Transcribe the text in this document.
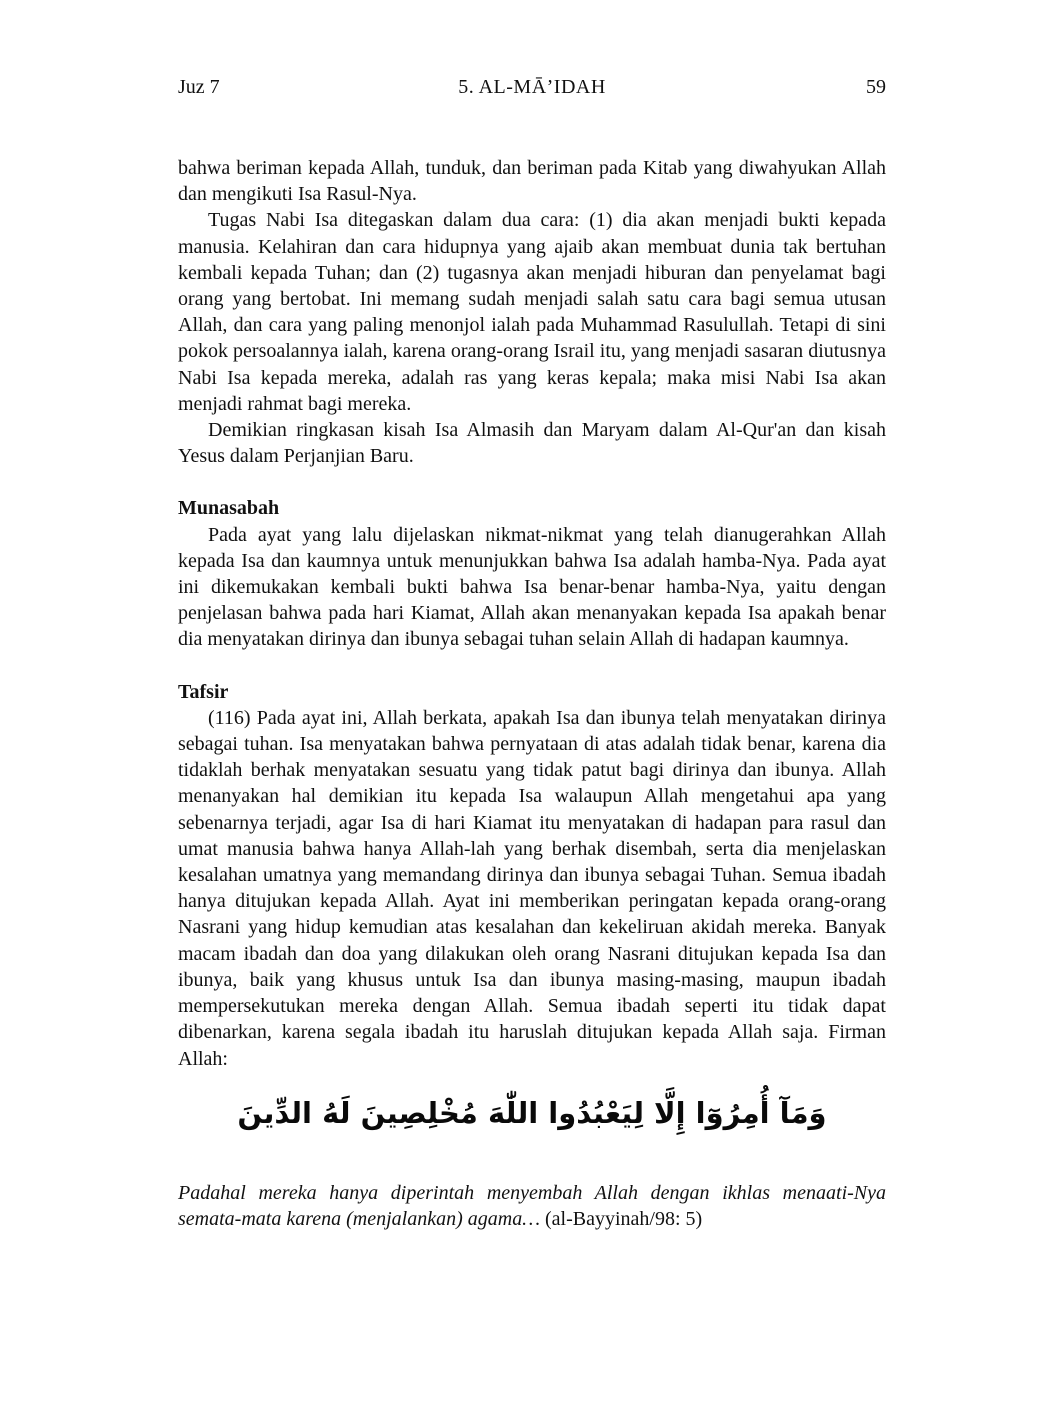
Juz 7	5. AL-MĀ’IDAH	59

bahwa beriman kepada Allah, tunduk, dan beriman pada Kitab yang diwahyukan Allah dan mengikuti Isa Rasul-Nya.

Tugas Nabi Isa ditegaskan dalam dua cara: (1) dia akan menjadi bukti kepada manusia. Kelahiran dan cara hidupnya yang ajaib akan membuat dunia tak bertuhan kembali kepada Tuhan; dan (2) tugasnya akan menjadi hiburan dan penyelamat bagi orang yang bertobat. Ini memang sudah menjadi salah satu cara bagi semua utusan Allah, dan cara yang paling menonjol ialah pada Muhammad Rasulullah. Tetapi di sini pokok persoalannya ialah, karena orang-orang Israil itu, yang menjadi sasaran diutusnya Nabi Isa kepada mereka, adalah ras yang keras kepala; maka misi Nabi Isa akan menjadi rahmat bagi mereka.

Demikian ringkasan kisah Isa Almasih dan Maryam dalam Al-Qur'an dan kisah Yesus dalam Perjanjian Baru.

Munasabah

Pada ayat yang lalu dijelaskan nikmat-nikmat yang telah dianugerahkan Allah kepada Isa dan kaumnya untuk menunjukkan bahwa Isa adalah hamba-Nya. Pada ayat ini dikemukakan kembali bukti bahwa Isa benar-benar hamba-Nya, yaitu dengan penjelasan bahwa pada hari Kiamat, Allah akan menanyakan kepada Isa apakah benar dia menyatakan dirinya dan ibunya sebagai tuhan selain Allah di hadapan kaumnya.

Tafsir

(116) Pada ayat ini, Allah berkata, apakah Isa dan ibunya telah menyatakan dirinya sebagai tuhan. Isa menyatakan bahwa pernyataan di atas adalah tidak benar, karena dia tidaklah berhak menyatakan sesuatu yang tidak patut bagi dirinya dan ibunya. Allah menanyakan hal demikian itu kepada Isa walaupun Allah mengetahui apa yang sebenarnya terjadi, agar Isa di hari Kiamat itu menyatakan di hadapan para rasul dan umat manusia bahwa hanya Allah-lah yang berhak disembah, serta dia menjelaskan kesalahan umatnya yang memandang dirinya dan ibunya sebagai Tuhan. Semua ibadah hanya ditujukan kepada Allah. Ayat ini memberikan peringatan kepada orang-orang Nasrani yang hidup kemudian atas kesalahan dan kekeliruan akidah mereka. Banyak macam ibadah dan doa yang dilakukan oleh orang Nasrani ditujukan kepada Isa dan ibunya, baik yang khusus untuk Isa dan ibunya masing-masing, maupun ibadah mempersekutukan mereka dengan Allah. Semua ibadah seperti itu tidak dapat dibenarkan, karena segala ibadah itu haruslah ditujukan kepada Allah saja. Firman Allah:

وَمَآ أُمِرُوٓا إِلَّا لِيَعْبُدُوا اللّٰهَ مُخْلِصِينَ لَهُ الدِّينَ

Padahal mereka hanya diperintah menyembah Allah dengan ikhlas menaati-Nya semata-mata karena (menjalankan) agama… (al-Bayyinah/98: 5)
